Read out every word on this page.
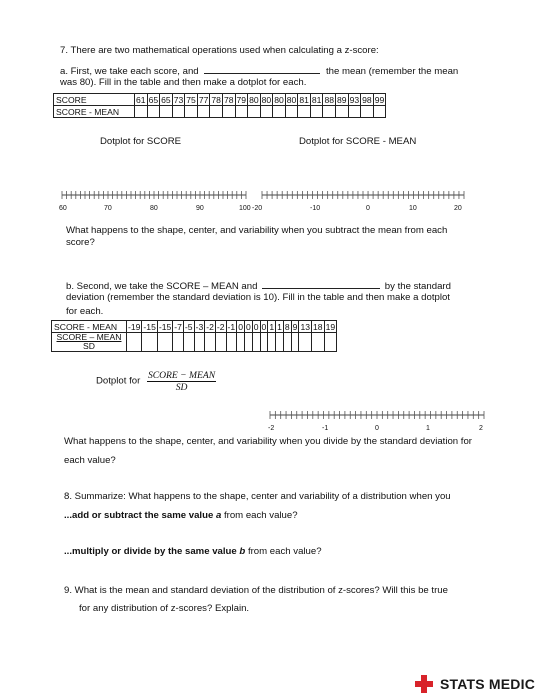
7. There are two mathematical operations used when calculating a z-score:
a. First, we take each score, and	the mean (remember the mean
was 80). Fill in the table and then make a dotplot for each.
SCORE	61	65	65	73	75	77	78	78	79	80	80	80	80	81	81	88	89	93	98	99
SCORE - MEAN																				
Dotplot for SCORE	Dotplot for SCORE - MEAN
60	70	80	90	100 -20	-10	0	10	20
What happens to the shape, center, and variability when you subtract the mean from each
score?
b. Second, we take the SCORE – MEAN and	by the standard
deviation (remember the standard deviation is 10). Fill in the table and then make a dotplot
for each.
SCORE - MEAN	-19	-15	-15	-7	-5	-3	-2	-2	-1	0	0	0	0	1	1	8	9	13	18	19

SCORE – MEAN
SD																				

Dotplot for $\frac{\text{SCORE − MEAN}}{SD}$
-2	-1	0	1	2
What happens to the shape, center, and variability when you divide by the standard deviation for
each value?
8. Summarize: What happens to the shape, center and variability of a distribution when you
...add or subtract the same value a from each value?
...multiply or divide by the same value b from each value?
9. What is the mean and standard deviation of the distribution of z-scores? Will this be true
for any distribution of z-scores? Explain.
STATS MEDIC
